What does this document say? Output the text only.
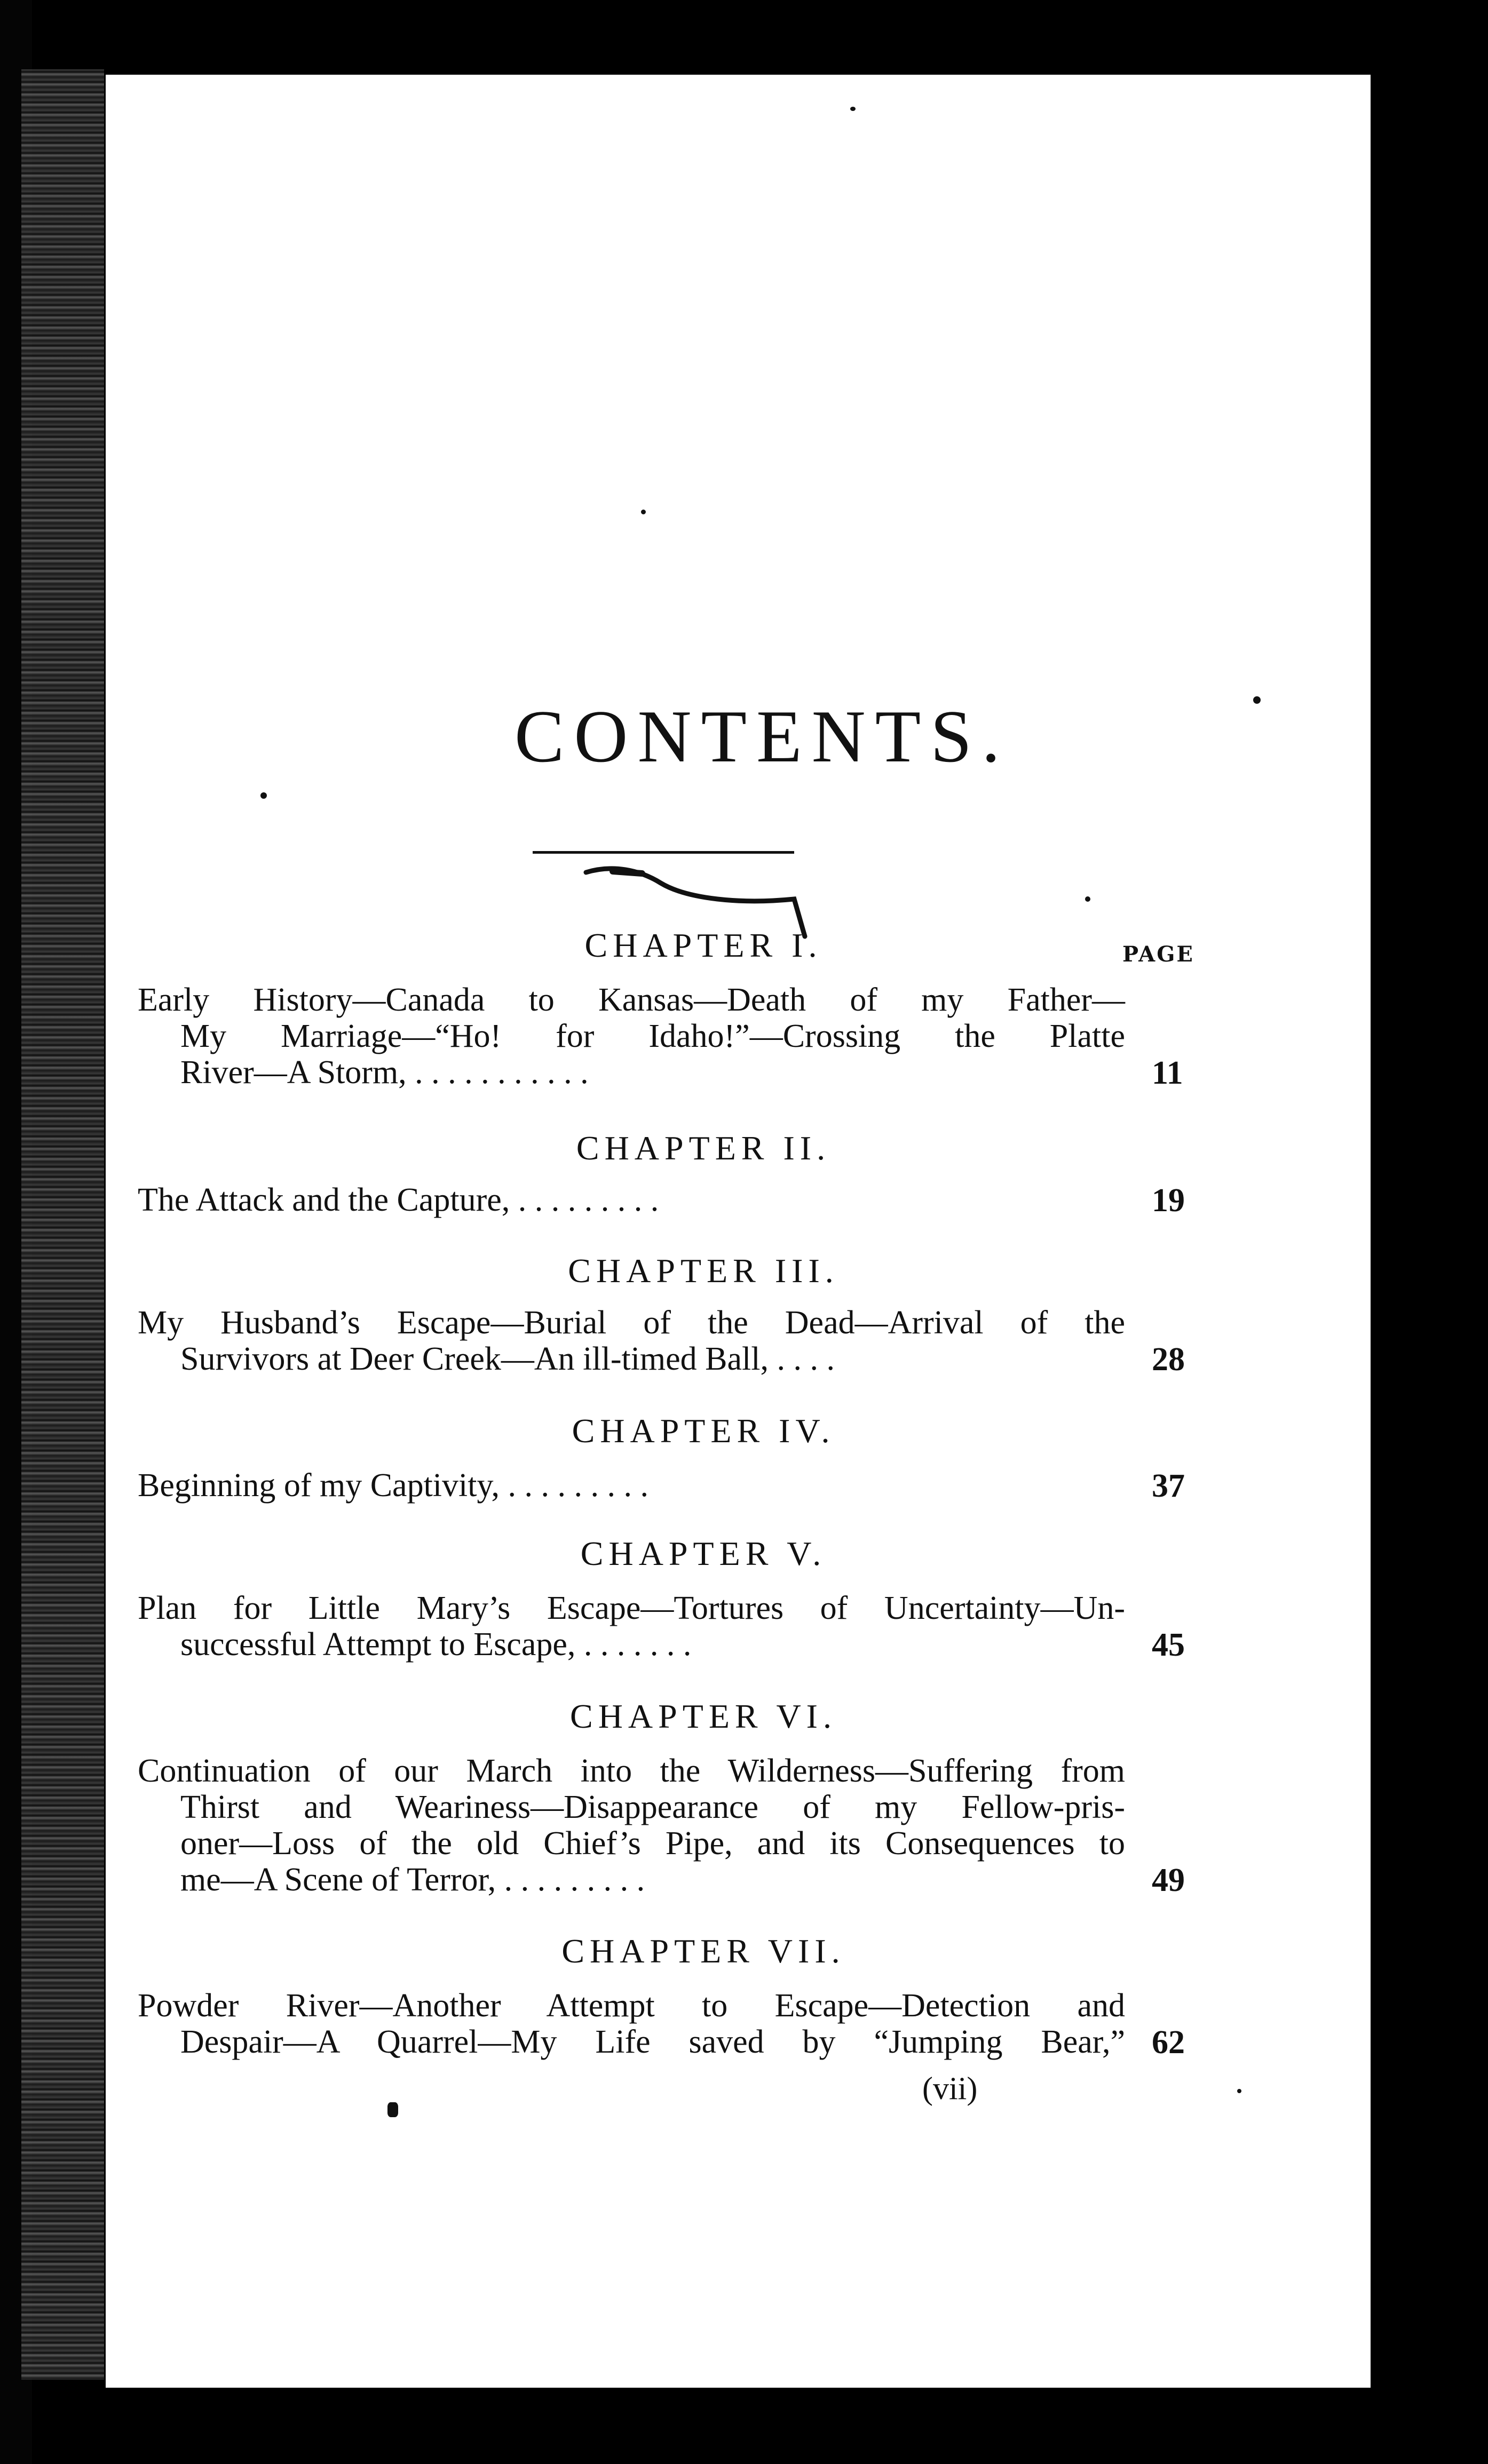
CONTENTS.
PAGE
CHAPTER I.
Early History—Canada to Kansas—Death of my Father—
My Marriage—“Ho! for Idaho!”—Crossing the Platte
River—A Storm, . . . . . . . . . . .	11
CHAPTER II.
The Attack and the Capture, . . . . . . . . .	19
CHAPTER III.
My Husband’s Escape—Burial of the Dead—Arrival of the
Survivors at Deer Creek—An ill-timed Ball, . . . .	28
CHAPTER IV.
Beginning of my Captivity, . . . . . . . . .	37
CHAPTER V.
Plan for Little Mary’s Escape—Tortures of Uncertainty—Un-
successful Attempt to Escape, . . . . . . .	45
CHAPTER VI.
Continuation of our March into the Wilderness—Suffering from
Thirst and Weariness—Disappearance of my Fellow-pris-
oner—Loss of the old Chief’s Pipe, and its Consequences to
me—A Scene of Terror, . . . . . . . . .	49
CHAPTER VII.
Powder River—Another Attempt to Escape—Detection and
Despair—A Quarrel—My Life saved by “Jumping Bear,” 62
(vii)
